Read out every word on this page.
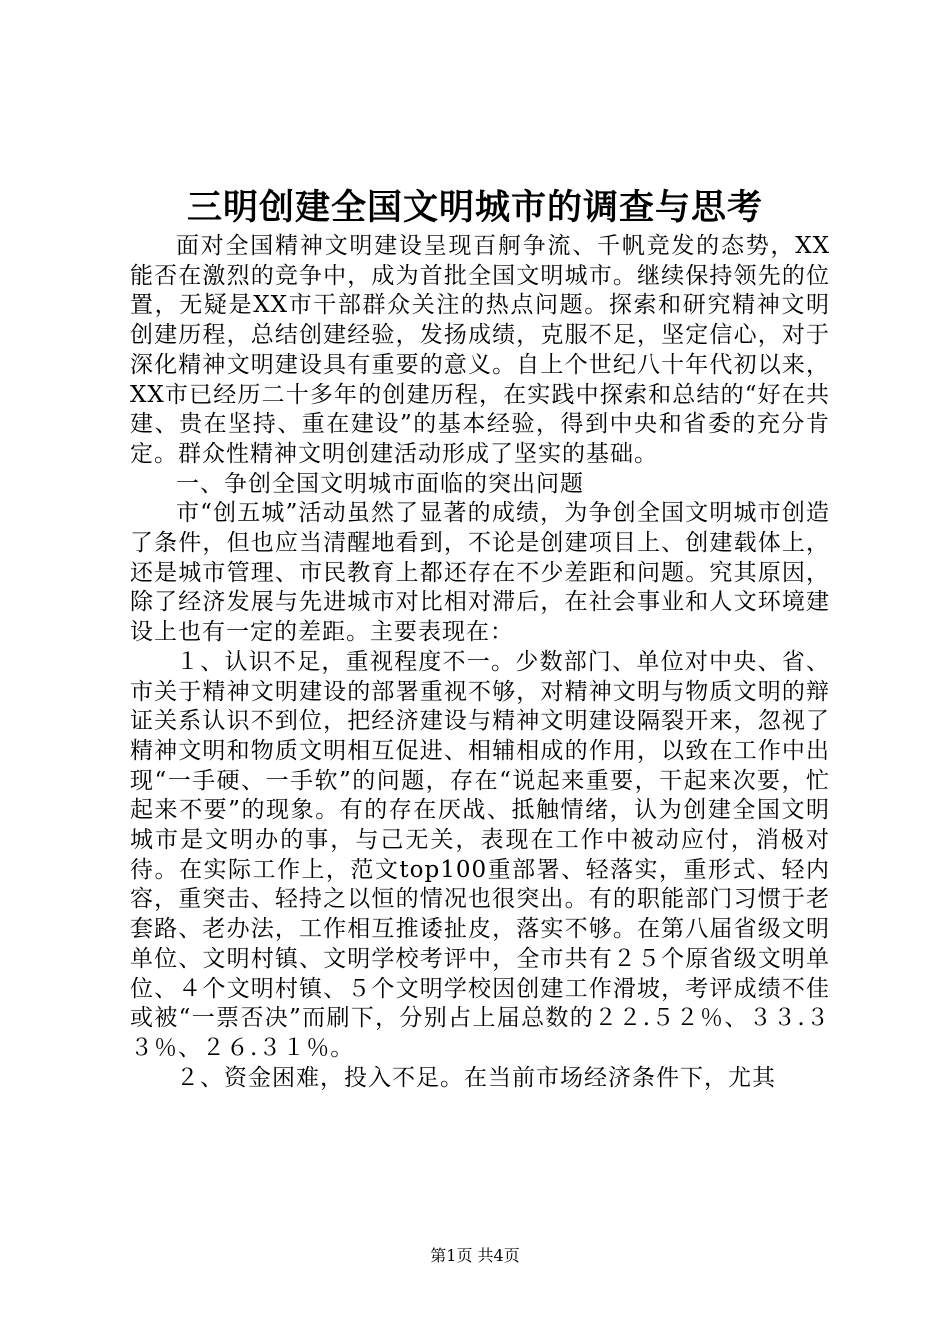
三明创建全国文明城市的调查与思考

面对全国精神文明建设呈现百舸争流、千帆竞发的态势，XX能否在激烈的竞争中，成为首批全国文明城市。继续保持领先的位置，无疑是XX市干部群众关注的热点问题。探索和研究精神文明创建历程，总结创建经验，发扬成绩，克服不足，坚定信心，对于深化精神文明建设具有重要的意义。自上个世纪八十年代初以来，XX市已经历二十多年的创建历程，在实践中探索和总结的“好在共建、贵在坚持、重在建设”的基本经验，得到中央和省委的充分肯定。群众性精神文明创建活动形成了坚实的基础。

一、争创全国文明城市面临的突出问题

市“创五城”活动虽然了显著的成绩，为争创全国文明城市创造了条件，但也应当清醒地看到，不论是创建项目上、创建载体上，还是城市管理、市民教育上都还存在不少差距和问题。究其原因，除了经济发展与先进城市对比相对滞后，在社会事业和人文环境建设上也有一定的差距。主要表现在：

１、认识不足，重视程度不一。少数部门、单位对中央、省、市关于精神文明建设的部署重视不够，对精神文明与物质文明的辩证关系认识不到位，把经济建设与精神文明建设隔裂开来，忽视了精神文明和物质文明相互促进、相辅相成的作用，以致在工作中出现“一手硬、一手软”的问题，存在“说起来重要，干起来次要，忙起来不要”的现象。有的存在厌战、抵触情绪，认为创建全国文明城市是文明办的事，与己无关，表现在工作中被动应付，消极对待。在实际工作上，范文top100重部署、轻落实，重形式、轻内容，重突击、轻持之以恒的情况也很突出。有的职能部门习惯于老套路、老办法，工作相互推诿扯皮，落实不够。在第八届省级文明单位、文明村镇、文明学校考评中，全市共有２５个原省级文明单位、４个文明村镇、５个文明学校因创建工作滑坡，考评成绩不佳或被“一票否决”而刷下，分别占上届总数的２２.５２％、３３.３３％、２６.３１％。

２、资金困难，投入不足。在当前市场经济条件下，尤其

第1页 共4页
